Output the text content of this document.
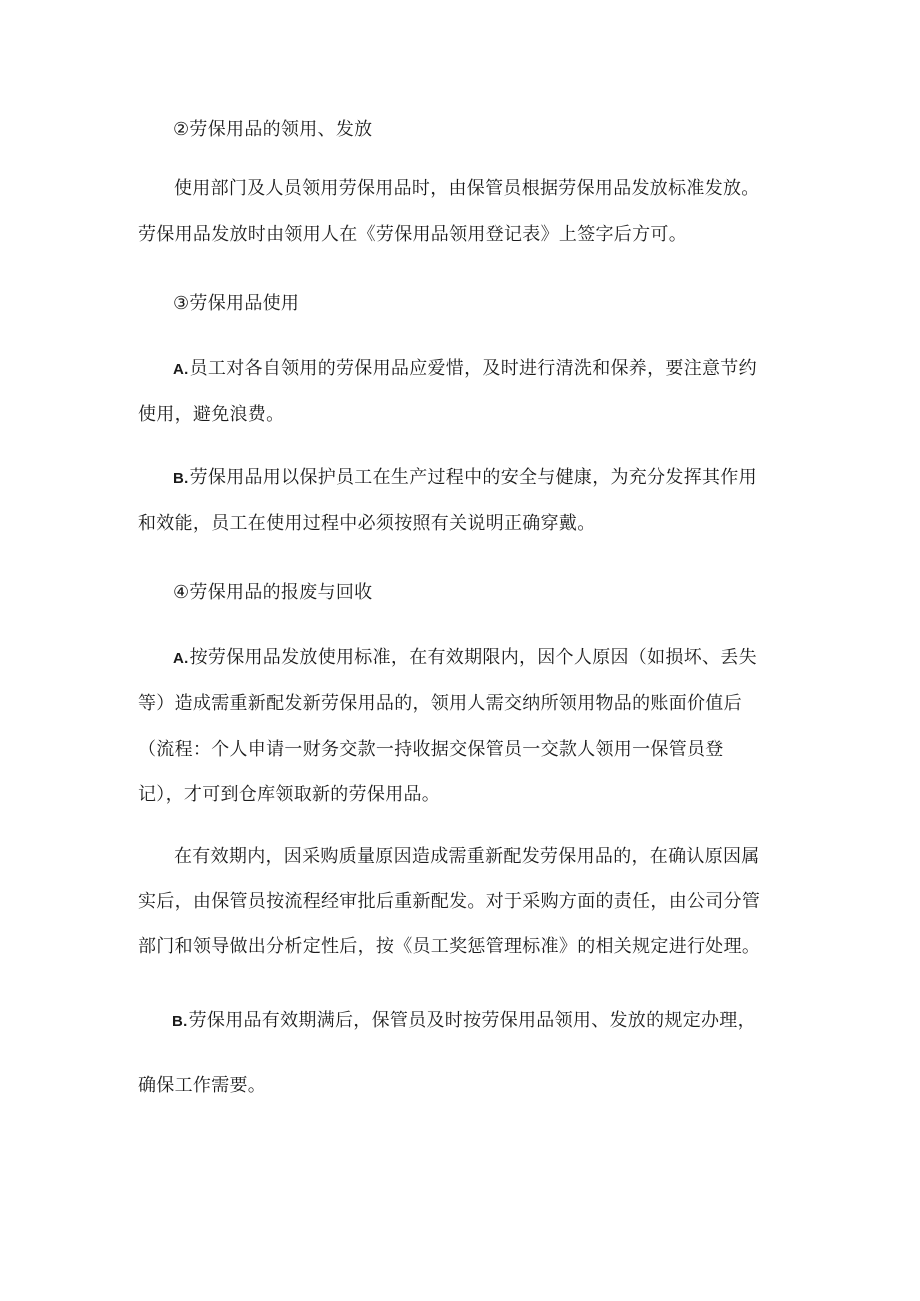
②劳保用品的领用、发放
使用部门及人员领用劳保用品时，由保管员根据劳保用品发放标准发放。
劳保用品发放时由领用人在《劳保用品领用登记表》上签字后方可。
③劳保用品使用
A.员工对各自领用的劳保用品应爱惜，及时进行清洗和保养，要注意节约
使用，避免浪费。
B.劳保用品用以保护员工在生产过程中的安全与健康，为充分发挥其作用
和效能，员工在使用过程中必须按照有关说明正确穿戴。
④劳保用品的报废与回收
A.按劳保用品发放使用标准，在有效期限内，因个人原因（如损坏、丢失
等）造成需重新配发新劳保用品的，领用人需交纳所领用物品的账面价值后
（流程：个人申请一财务交款一持收据交保管员一交款人领用一保管员登
记），才可到仓库领取新的劳保用品。
在有效期内，因采购质量原因造成需重新配发劳保用品的，在确认原因属
实后，由保管员按流程经审批后重新配发。对于采购方面的责任，由公司分管
部门和领导做出分析定性后，按《员工奖惩管理标准》的相关规定进行处理。
B.劳保用品有效期满后，保管员及时按劳保用品领用、发放的规定办理，
确保工作需要。
